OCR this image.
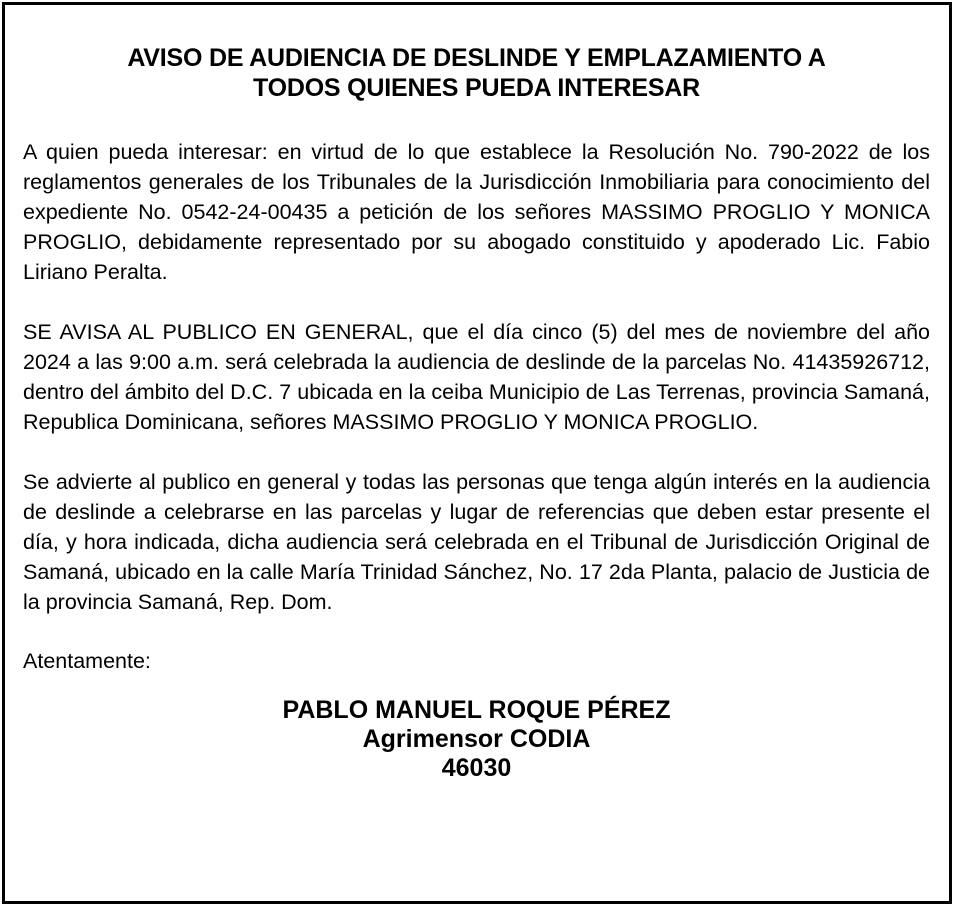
AVISO DE AUDIENCIA DE DESLINDE Y EMPLAZAMIENTO A
TODOS QUIENES PUEDA INTERESAR

A quien pueda interesar: en virtud de lo que establece la Resolución No. 790-2022 de los reglamentos generales de los Tribunales de la Jurisdicción Inmobiliaria para conocimiento del expediente No. 0542-24-00435 a petición de los señores MASSIMO PROGLIO Y MONICA PROGLIO, debidamente representado por su abogado constituido y apoderado Lic. Fabio Liriano Peralta.

SE AVISA AL PUBLICO EN GENERAL, que el día cinco (5) del mes de noviembre del año 2024 a las 9:00 a.m. será celebrada la audiencia de deslinde de la parcelas No. 41435926712, dentro del ámbito del D.C. 7 ubicada en la ceiba Municipio de Las Terrenas, provincia Samaná, Republica Dominicana, señores MASSIMO PROGLIO Y MONICA PROGLIO.

Se advierte al publico en general y todas las personas que tenga algún interés en la audiencia de deslinde a celebrarse en las parcelas y lugar de referencias que deben estar presente el día, y hora indicada, dicha audiencia será celebrada en el Tribunal de Jurisdicción Original de Samaná, ubicado en la calle María Trinidad Sánchez, No. 17 2da Planta, palacio de Justicia de la provincia Samaná, Rep. Dom.

Atentamente:

PABLO MANUEL ROQUE PÉREZ
Agrimensor CODIA
46030
